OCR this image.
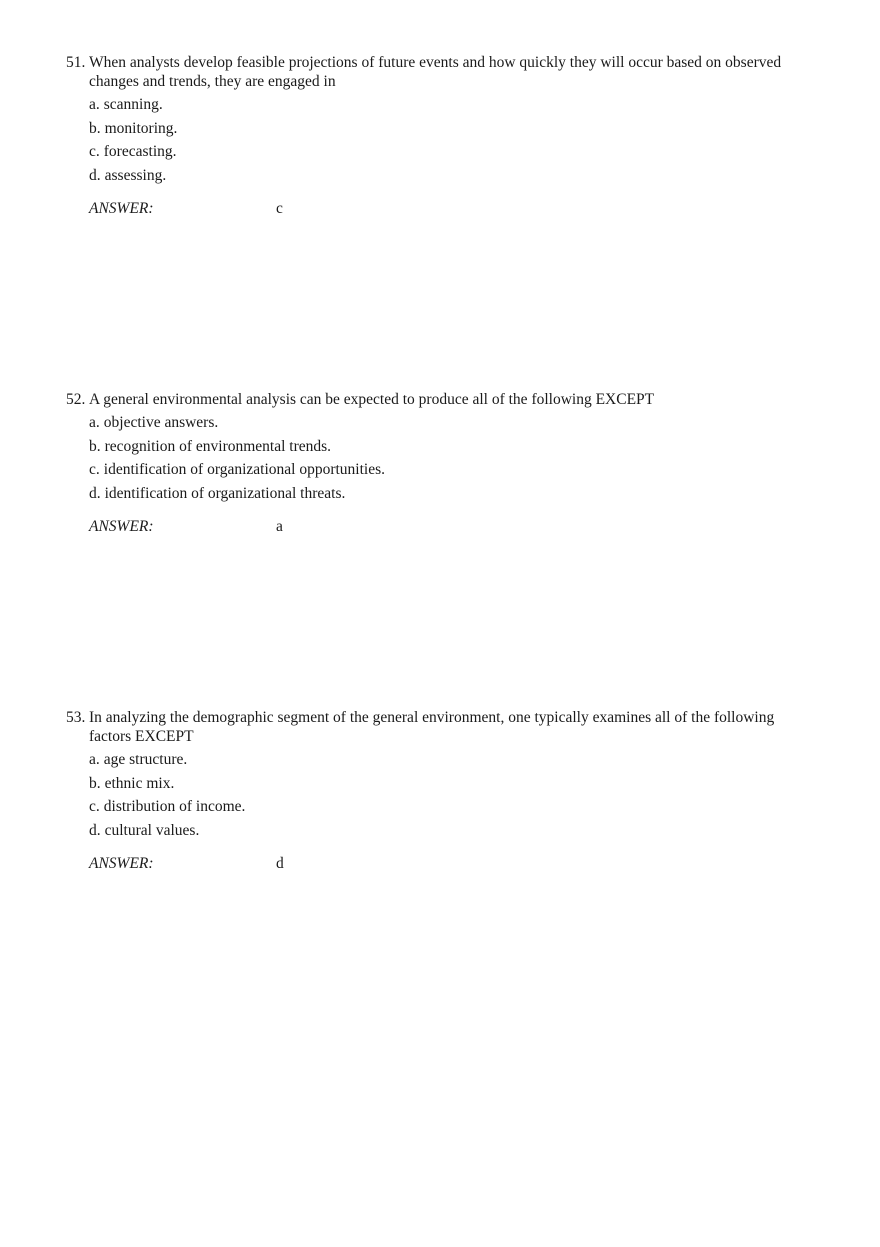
51. When analysts develop feasible projections of future events and how quickly they will occur based on observed changes and trends, they are engaged in
a. scanning.
b. monitoring.
c. forecasting.
d. assessing.
ANSWER:	c
52. A general environmental analysis can be expected to produce all of the following EXCEPT
a. objective answers.
b. recognition of environmental trends.
c. identification of organizational opportunities.
d. identification of organizational threats.
ANSWER:	a
53. In analyzing the demographic segment of the general environment, one typically examines all of the following factors EXCEPT
a. age structure.
b. ethnic mix.
c. distribution of income.
d. cultural values.
ANSWER:	d
